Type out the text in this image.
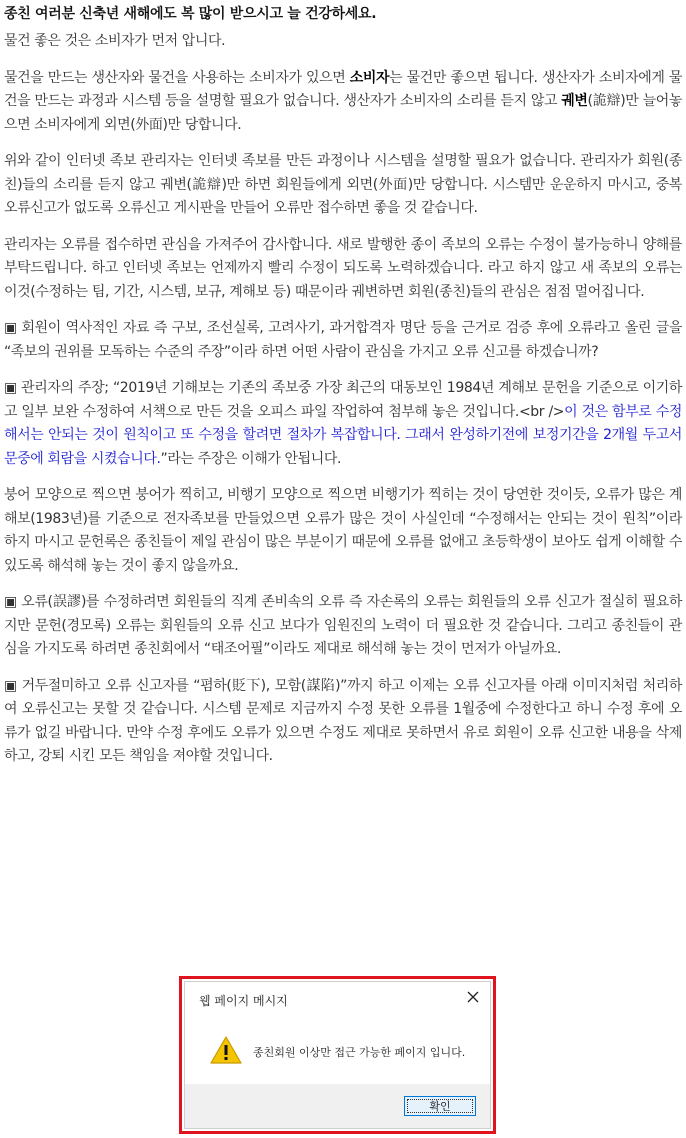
종친 여러분 신축년 새해에도 복 많이 받으시고 늘 건강하세요.

물건 좋은 것은 소비자가 먼저 압니다.

물건을 만드는 생산자와 물건을 사용하는 소비자가 있으면 소비자는 물건만 좋으면 됩니다. 생산자가 소비자에게 물건을 만드는 과정과 시스템 등을 설명할 필요가 없습니다. 생산자가 소비자의 소리를 듣지 않고 궤변(詭辯)만 늘어놓으면 소비자에게 외면(外面)만 당합니다.

위와 같이 인터넷 족보 관리자는 인터넷 족보를 만든 과정이나 시스템을 설명할 필요가 없습니다. 관리자가 회원(종친)들의 소리를 듣지 않고 궤변(詭辯)만 하면 회원들에게 외면(外面)만 당합니다. 시스템만 운운하지 마시고, 중복 오류신고가 없도록 오류신고 게시판을 만들어 오류만 접수하면 좋을 것 같습니다.

관리자는 오류를 접수하면 관심을 가져주어 감사합니다. 새로 발행한 종이 족보의 오류는 수정이 불가능하니 양해를 부탁드립니다. 하고 인터넷 족보는 언제까지 빨리 수정이 되도록 노력하겠습니다. 라고 하지 않고 새 족보의 오류는 이것(수정하는 팀, 기간, 시스템, 보규, 계해보 등) 때문이라 궤변하면 회원(종친)들의 관심은 점점 멀어집니다.

▣ 회원이 역사적인 자료 즉 구보, 조선실록, 고려사기, 과거합격자 명단 등을 근거로 검증 후에 오류라고 올린 글을 “족보의 권위를 모독하는 수준의 주장”이라 하면 어떤 사람이 관심을 가지고 오류 신고를 하겠습니까?

▣ 관리자의 주장; “2019년 기해보는 기존의 족보중 가장 최근의 대동보인 1984년 계해보 문헌을 기준으로 이기하고 일부 보완 수정하여 서책으로 만든 것을 오피스 파일 작업하여 첨부해 놓은 것입니다.<br />이 것은 함부로 수정해서는 안되는 것이 원칙이고 또 수정을 할려면 절차가 복잡합니다. 그래서 완성하기전에 보정기간을 2개월 두고서 문중에 회람을 시켰습니다.”라는 주장은 이해가 안됩니다.

붕어 모양으로 찍으면 붕어가 찍히고, 비행기 모양으로 찍으면 비행기가 찍히는 것이 당연한 것이듯, 오류가 많은 계해보(1983년)를 기준으로 전자족보를 만들었으면 오류가 많은 것이 사실인데 “수정해서는 안되는 것이 원칙”이라 하지 마시고 문헌록은 종친들이 제일 관심이 많은 부분이기 때문에 오류를 없애고 초등학생이 보아도 쉽게 이해할 수 있도록 해석해 놓는 것이 좋지 않을까요.

▣ 오류(誤謬)를 수정하려면 회원들의 직계 존비속의 오류 즉 자손록의 오류는 회원들의 오류 신고가 절실히 필요하지만 문헌(경모록) 오류는 회원들의 오류 신고 보다가 임원진의 노력이 더 필요한 것 같습니다. 그리고 종친들이 관심을 가지도록 하려면 종친회에서 “태조어필”이라도 제대로 해석해 놓는 것이 먼저가 아닐까요.

▣ 거두절미하고 오류 신고자를 “폄하(貶下), 모함(謀陷)”까지 하고 이제는 오류 신고자를 아래 이미지처럼 처리하여 오류신고는 못할 것 같습니다. 시스템 문제로 지금까지 수정 못한 오류를 1월중에 수정한다고 하니 수정 후에 오류가 없길 바랍니다. 만약 수정 후에도 오류가 있으면 수정도 제대로 못하면서 유로 회원이 오류 신고한 내용을 삭제하고, 강퇴 시킨 모든 책임을 져야할 것입니다.

웹 페이지 메시지
종친회원 이상만 접근 가능한 페이지 입니다.
확인
